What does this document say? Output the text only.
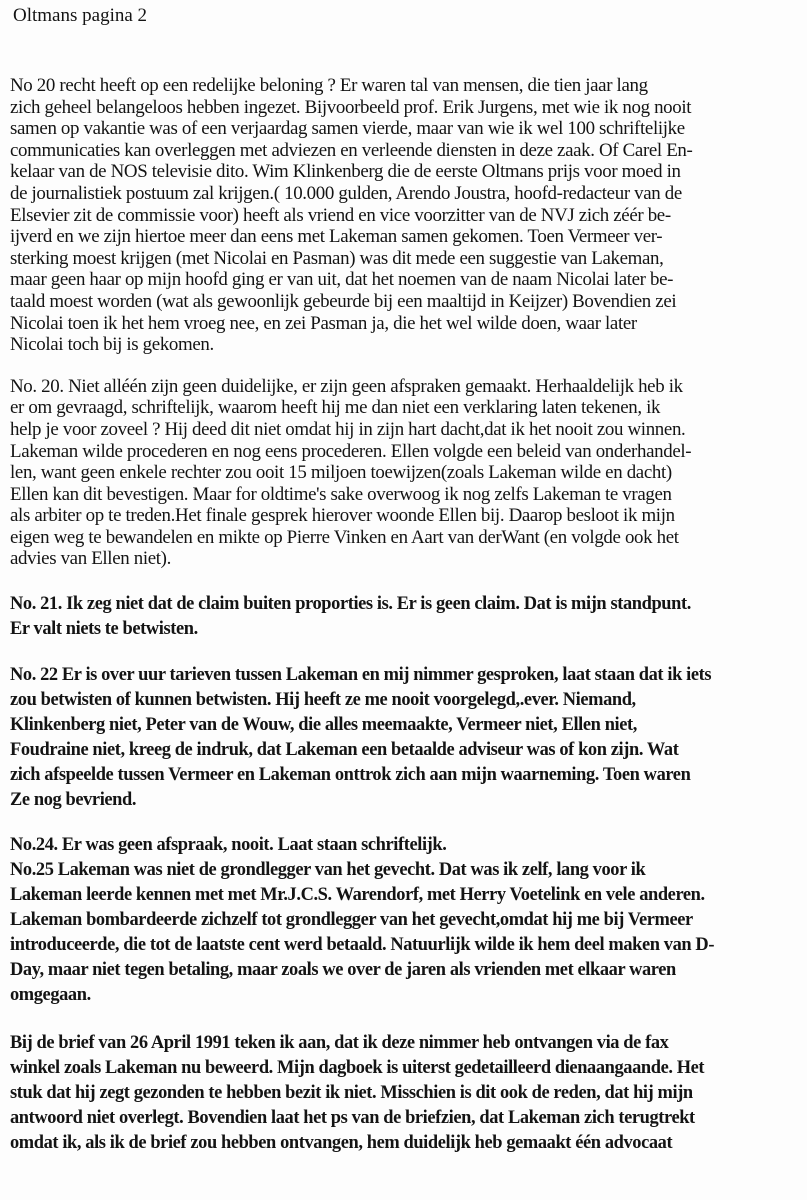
Oltmans pagina 2
No 20 recht heeft op een redelijke beloning ? Er waren tal van mensen, die tien jaar lang
zich geheel belangeloos hebben ingezet. Bijvoorbeeld prof. Erik Jurgens, met wie ik nog nooit
samen op vakantie was of een verjaardag samen vierde, maar van wie ik wel 100 schriftelijke
communicaties kan overleggen met adviezen en verleende diensten in deze zaak. Of Carel En-
kelaar van de NOS televisie dito. Wim Klinkenberg die de eerste Oltmans prijs voor moed in
de journalistiek postuum zal krijgen.( 10.000 gulden, Arendo Joustra, hoofd-redacteur van de
Elsevier zit de commissie voor) heeft als vriend en vice voorzitter van de NVJ zich zéér be-
ijverd en we zijn hiertoe meer dan eens met Lakeman samen gekomen. Toen Vermeer ver-
sterking moest krijgen (met Nicolai en Pasman) was dit mede een suggestie van Lakeman,
maar geen haar op mijn hoofd ging er van uit, dat het noemen van de naam Nicolai later be-
taald moest worden (wat als gewoonlijk gebeurde bij een maaltijd in Keijzer) Bovendien zei
Nicolai toen ik het hem vroeg nee, en zei Pasman ja, die het wel wilde doen, waar later
Nicolai toch bij is gekomen.
No. 20. Niet alléén zijn geen duidelijke, er zijn geen afspraken gemaakt. Herhaaldelijk heb ik
er om gevraagd, schriftelijk, waarom heeft hij me dan niet een verklaring laten tekenen, ik
help je voor zoveel ? Hij deed dit niet omdat hij in zijn hart dacht,dat ik het nooit zou winnen.
Lakeman wilde procederen en nog eens procederen. Ellen volgde een beleid van onderhandel-
len, want geen enkele rechter zou ooit 15 miljoen toewijzen(zoals Lakeman wilde en dacht)
Ellen kan dit bevestigen. Maar for oldtime's sake overwoog ik nog zelfs Lakeman te vragen
als arbiter op te treden.Het finale gesprek hierover woonde Ellen bij. Daarop besloot ik mijn
eigen weg te bewandelen en mikte op Pierre Vinken en Aart van derWant (en volgde ook het
advies van Ellen niet).
No. 21. Ik zeg niet dat de claim buiten proporties is. Er is geen claim. Dat is mijn standpunt.
Er valt niets te betwisten.
No. 22 Er is over uur tarieven tussen Lakeman en mij nimmer gesproken, laat staan dat ik iets
zou betwisten of kunnen betwisten. Hij heeft ze me nooit voorgelegd,.ever. Niemand,
Klinkenberg niet, Peter van de Wouw, die alles meemaakte, Vermeer niet, Ellen niet,
Foudraine niet, kreeg de indruk, dat Lakeman een betaalde adviseur was of kon zijn. Wat
zich afspeelde tussen Vermeer en Lakeman onttrok zich aan mijn waarneming. Toen waren
Ze nog bevriend.
No.24. Er was geen afspraak, nooit. Laat staan schriftelijk.
No.25 Lakeman was niet de grondlegger van het gevecht. Dat was ik zelf, lang voor ik
Lakeman leerde kennen met met Mr.J.C.S. Warendorf, met Herry Voetelink en vele anderen.
Lakeman bombardeerde zichzelf tot grondlegger van het gevecht,omdat hij me bij Vermeer
introduceerde, die tot de laatste cent werd betaald. Natuurlijk wilde ik hem deel maken van D-
Day, maar niet tegen betaling, maar zoals we over de jaren als vrienden met elkaar waren
omgegaan.
Bij de brief van 26 April 1991 teken ik aan, dat ik deze nimmer heb ontvangen via de fax
winkel zoals Lakeman nu beweerd. Mijn dagboek is uiterst gedetailleerd dienaangaande. Het
stuk dat hij zegt gezonden te hebben bezit ik niet. Misschien is dit ook de reden, dat hij mijn
antwoord niet overlegt. Bovendien laat het ps van de briefzien, dat Lakeman zich terugtrekt
omdat ik, als ik de brief zou hebben ontvangen, hem duidelijk heb gemaakt één advocaat
